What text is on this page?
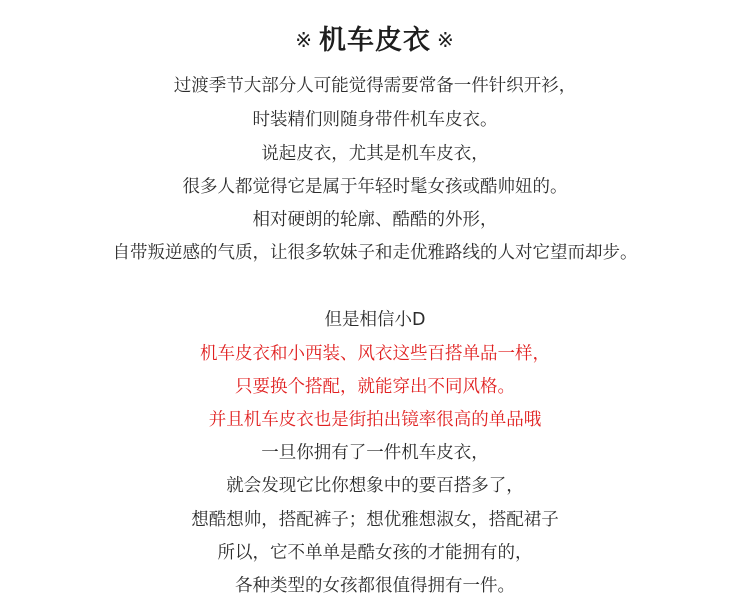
※ 机车皮衣 ※
过渡季节大部分人可能觉得需要常备一件针织开衫，
时装精们则随身带件机车皮衣。
说起皮衣，尤其是机车皮衣，
很多人都觉得它是属于年轻时髦女孩或酷帅妞的。
相对硬朗的轮廓、酷酷的外形，
自带叛逆感的气质，让很多软妹子和走优雅路线的人对它望而却步。
但是相信小D
机车皮衣和小西装、风衣这些百搭单品一样，
只要换个搭配，就能穿出不同风格。
并且机车皮衣也是街拍出镜率很高的单品哦
一旦你拥有了一件机车皮衣，
就会发现它比你想象中的要百搭多了，
想酷想帅，搭配裤子；想优雅想淑女，搭配裙子
所以，它不单单是酷女孩的才能拥有的，
各种类型的女孩都很值得拥有一件。
